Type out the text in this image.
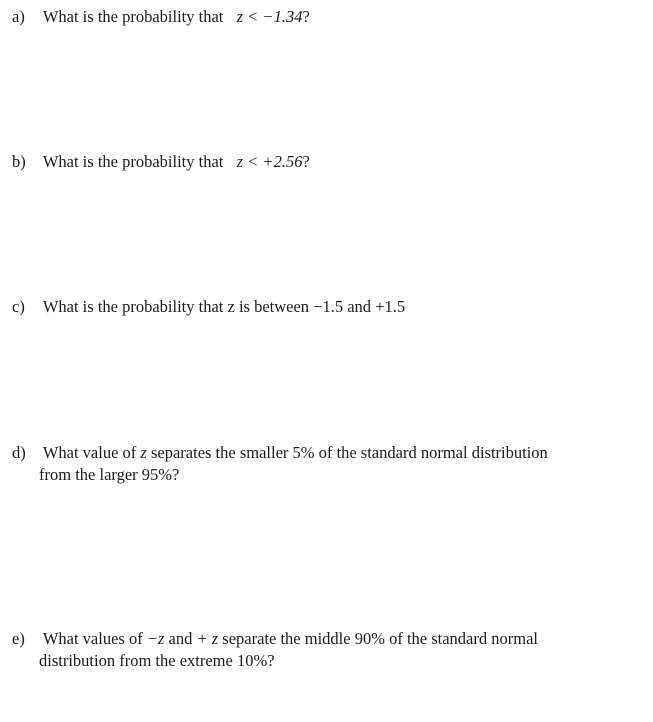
a) What is the probability that z < −1.34?
b) What is the probability that z < +2.56?
c) What is the probability that z is between −1.5 and +1.5
d) What value of z separates the smaller 5% of the standard normal distribution
from the larger 95%?
e) What values of −z and + z separate the middle 90% of the standard normal
distribution from the extreme 10%?
